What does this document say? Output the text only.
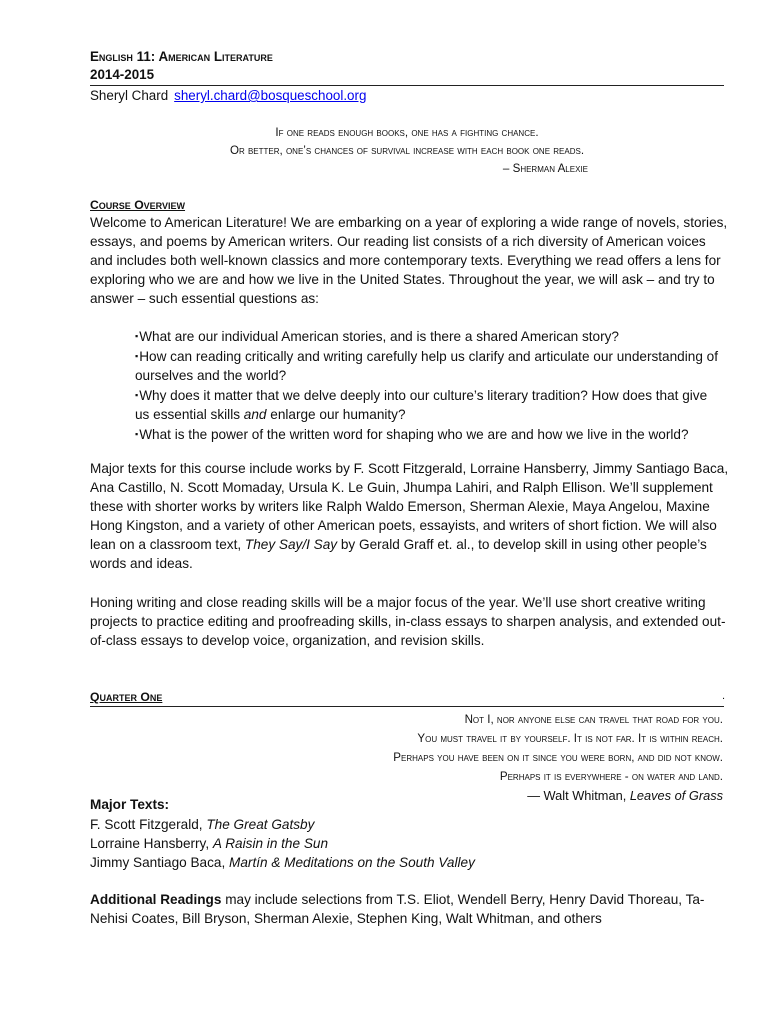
English 11: American Literature
2014-2015
Sheryl Chard sheryl.chard@bosqueschool.org
If one reads enough books, one has a fighting chance.
Or better, one’s chances of survival increase with each book one reads.
– Sherman Alexie
Course Overview

Welcome to American Literature! We are embarking on a year of exploring a wide range of novels, stories, essays, and poems by American writers. Our reading list consists of a rich diversity of American voices and includes both well-known classics and more contemporary texts. Everything we read offers a lens for exploring who we are and how we live in the United States. Throughout the year, we will ask – and try to answer – such essential questions as:

▪What are our individual American stories, and is there a shared American story?
▪How can reading critically and writing carefully help us clarify and articulate our understanding of ourselves and the world?
▪Why does it matter that we delve deeply into our culture’s literary tradition? How does that give us essential skills and enlarge our humanity?
▪What is the power of the written word for shaping who we are and how we live in the world?

Major texts for this course include works by F. Scott Fitzgerald, Lorraine Hansberry, Jimmy Santiago Baca, Ana Castillo, N. Scott Momaday, Ursula K. Le Guin, Jhumpa Lahiri, and Ralph Ellison. We’ll supplement these with shorter works by writers like Ralph Waldo Emerson, Sherman Alexie, Maya Angelou, Maxine Hong Kingston, and a variety of other American poets, essayists, and writers of short fiction. We will also lean on a classroom text, They Say/I Say by Gerald Graff et. al., to develop skill in using other people’s words and ideas.

Honing writing and close reading skills will be a major focus of the year. We’ll use short creative writing projects to practice editing and proofreading skills, in-class essays to sharpen analysis, and extended out-of-class essays to develop voice, organization, and revision skills.

Quarter One	.
Not I, nor anyone else can travel that road for you.
You must travel it by yourself. It is not far. It is within reach.
Perhaps you have been on it since you were born, and did not know.
Perhaps it is everywhere - on water and land.
— Walt Whitman, Leaves of Grass
Major Texts:
F. Scott Fitzgerald, The Great Gatsby
Lorraine Hansberry, A Raisin in the Sun
Jimmy Santiago Baca, Martín & Meditations on the South Valley

Additional Readings may include selections from T.S. Eliot, Wendell Berry, Henry David Thoreau, Ta-Nehisi Coates, Bill Bryson, Sherman Alexie, Stephen King, Walt Whitman, and others
